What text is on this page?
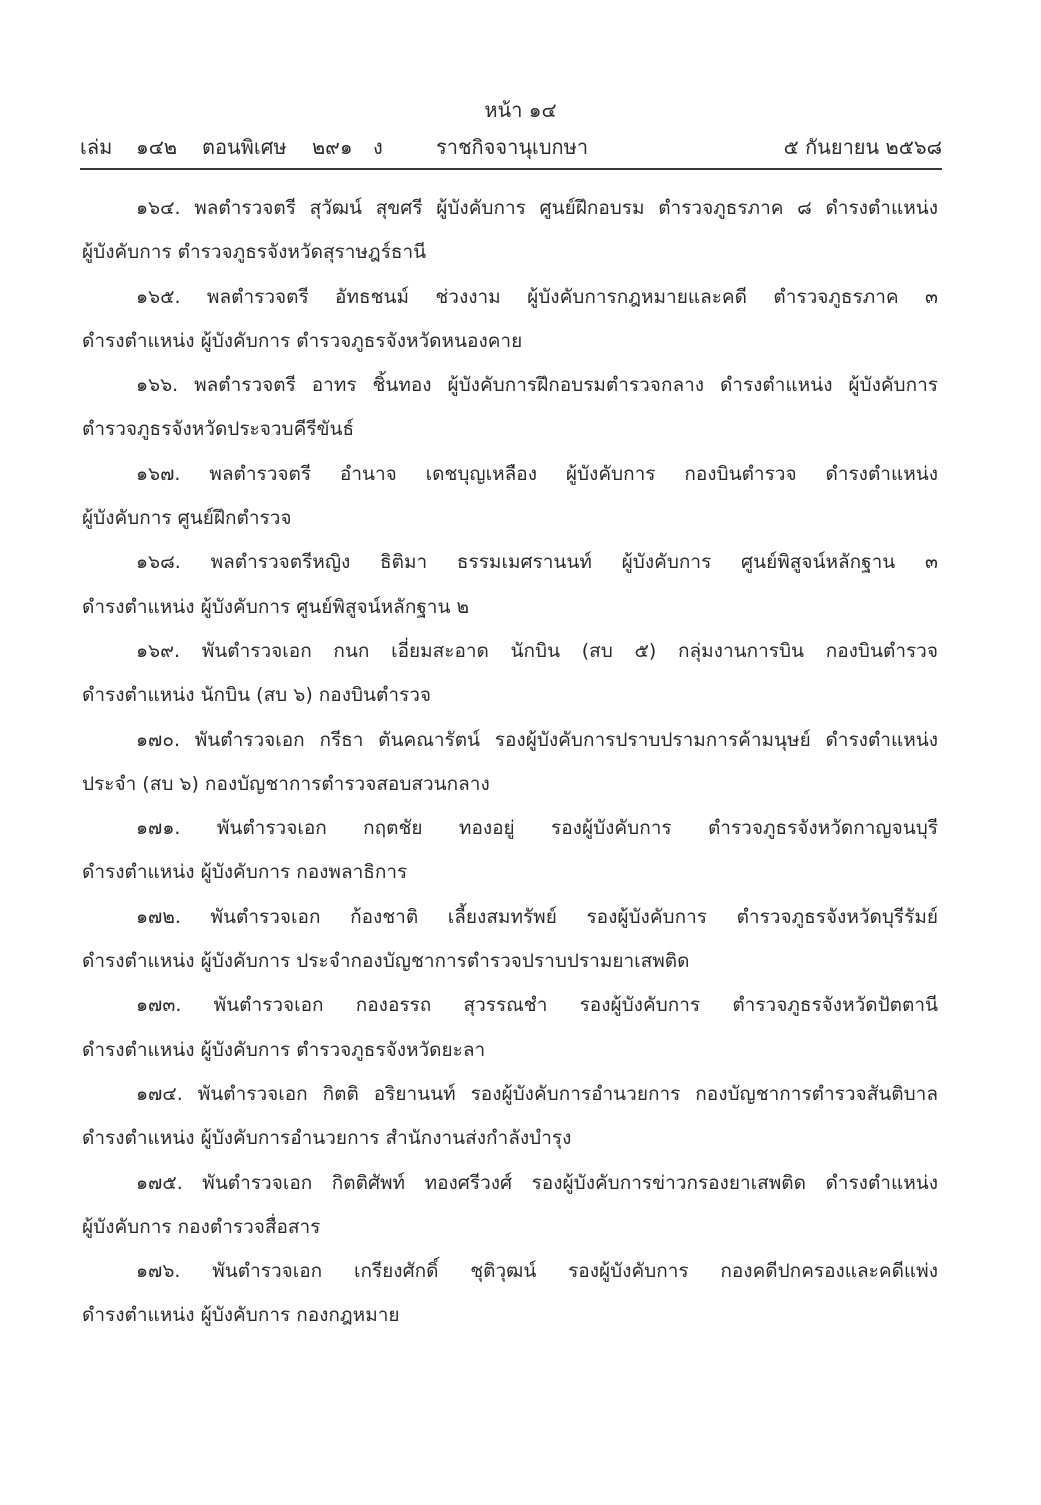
หน้า ๑๔
เล่ม ๑๔๒ ตอนพิเศษ ๒๙๑ ง	ราชกิจจานุเบกษา	๕ กันยายน ๒๕๖๘
๑๖๔. พลตำรวจตรี สุวัฒน์ สุขศรี ผู้บังคับการ ศูนย์ฝึกอบรม ตำรวจภูธรภาค ๘ ดำรงตำแหน่ง
ผู้บังคับการ ตำรวจภูธรจังหวัดสุราษฎร์ธานี
๑๖๕. พลตำรวจตรี อัทธชนม์ ช่วงงาม ผู้บังคับการกฎหมายและคดี ตำรวจภูธรภาค ๓
ดำรงตำแหน่ง ผู้บังคับการ ตำรวจภูธรจังหวัดหนองคาย
๑๖๖. พลตำรวจตรี อาทร ชิ้นทอง ผู้บังคับการฝึกอบรมตำรวจกลาง ดำรงตำแหน่ง ผู้บังคับการ
ตำรวจภูธรจังหวัดประจวบคีรีขันธ์
๑๖๗. พลตำรวจตรี อำนาจ เดชบุญเหลือง ผู้บังคับการ กองบินตำรวจ ดำรงตำแหน่ง
ผู้บังคับการ ศูนย์ฝึกตำรวจ
๑๖๘. พลตำรวจตรีหญิง ธิติมา ธรรมเมศรานนท์ ผู้บังคับการ ศูนย์พิสูจน์หลักฐาน ๓
ดำรงตำแหน่ง ผู้บังคับการ ศูนย์พิสูจน์หลักฐาน ๒
๑๖๙. พันตำรวจเอก กนก เอี่ยมสะอาด นักบิน (สบ ๕) กลุ่มงานการบิน กองบินตำรวจ
ดำรงตำแหน่ง นักบิน (สบ ๖) กองบินตำรวจ
๑๗๐. พันตำรวจเอก กรีธา ตันคณารัตน์ รองผู้บังคับการปราบปรามการค้ามนุษย์ ดำรงตำแหน่ง
ประจำ (สบ ๖) กองบัญชาการตำรวจสอบสวนกลาง
๑๗๑. พันตำรวจเอก กฤตชัย ทองอยู่ รองผู้บังคับการ ตำรวจภูธรจังหวัดกาญจนบุรี
ดำรงตำแหน่ง ผู้บังคับการ กองพลาธิการ
๑๗๒. พันตำรวจเอก ก้องชาติ เลี้ยงสมทรัพย์ รองผู้บังคับการ ตำรวจภูธรจังหวัดบุรีรัมย์
ดำรงตำแหน่ง ผู้บังคับการ ประจำกองบัญชาการตำรวจปราบปรามยาเสพติด
๑๗๓. พันตำรวจเอก กองอรรถ สุวรรณชำ รองผู้บังคับการ ตำรวจภูธรจังหวัดปัตตานี
ดำรงตำแหน่ง ผู้บังคับการ ตำรวจภูธรจังหวัดยะลา
๑๗๔. พันตำรวจเอก กิตติ อริยานนท์ รองผู้บังคับการอำนวยการ กองบัญชาการตำรวจสันติบาล
ดำรงตำแหน่ง ผู้บังคับการอำนวยการ สำนักงานส่งกำลังบำรุง
๑๗๕. พันตำรวจเอก กิตติศัพท์ ทองศรีวงศ์ รองผู้บังคับการข่าวกรองยาเสพติด ดำรงตำแหน่ง
ผู้บังคับการ กองตำรวจสื่อสาร
๑๗๖. พันตำรวจเอก เกรียงศักดิ์ ชุติวุฒน์ รองผู้บังคับการ กองคดีปกครองและคดีแพ่ง
ดำรงตำแหน่ง ผู้บังคับการ กองกฎหมาย
